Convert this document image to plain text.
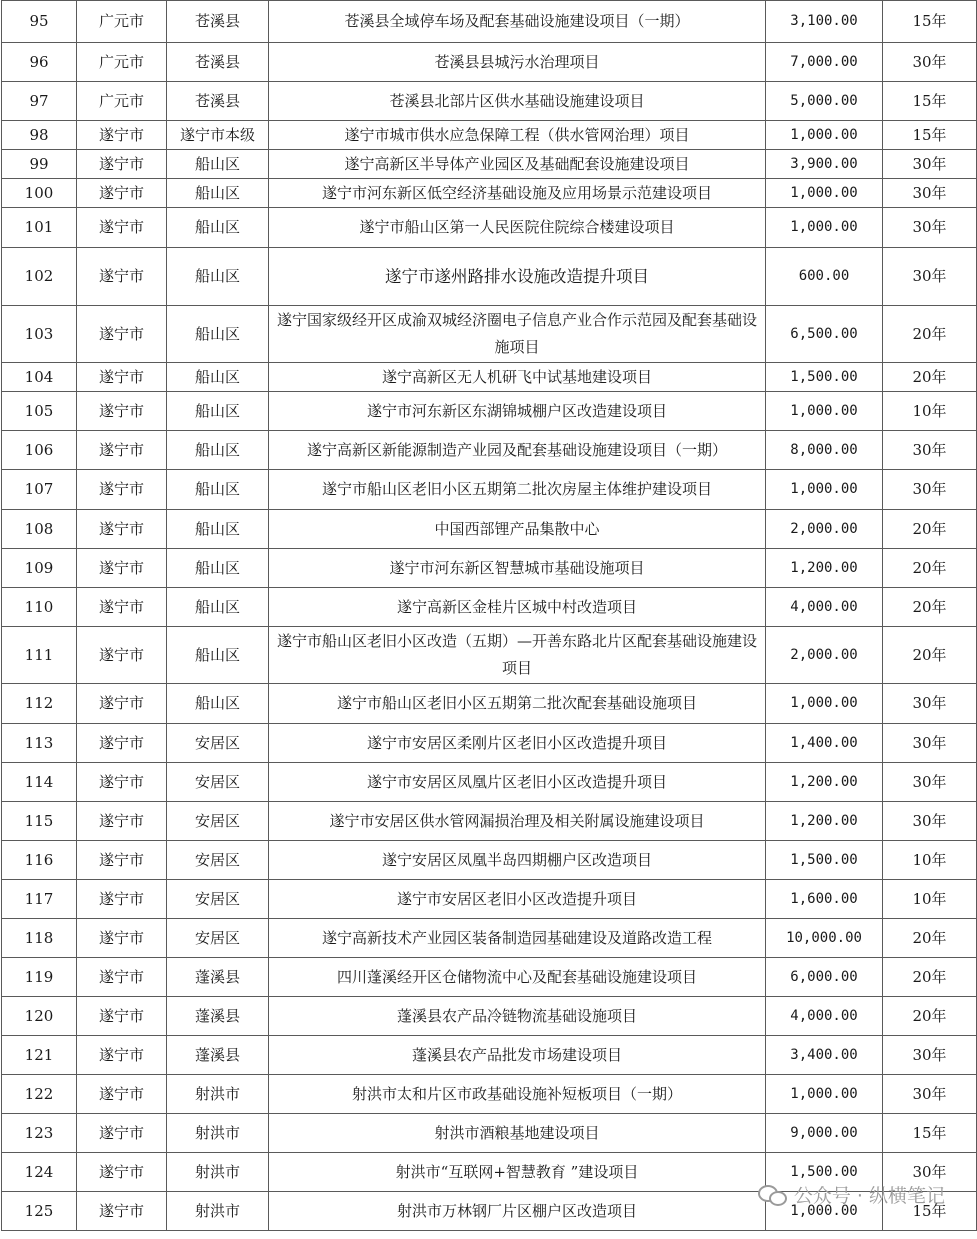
95	广元市	苍溪县	苍溪县全域停车场及配套基础设施建设项目（一期）	3,100.00	15年
96	广元市	苍溪县	苍溪县县城污水治理项目	7,000.00	30年
97	广元市	苍溪县	苍溪县北部片区供水基础设施建设项目	5,000.00	15年
98	遂宁市	遂宁市本级	遂宁市城市供水应急保障工程（供水管网治理）项目	1,000.00	15年
99	遂宁市	船山区	遂宁高新区半导体产业园区及基础配套设施建设项目	3,900.00	30年
100	遂宁市	船山区	遂宁市河东新区低空经济基础设施及应用场景示范建设项目	1,000.00	30年
101	遂宁市	船山区	遂宁市船山区第一人民医院住院综合楼建设项目	1,000.00	30年
102	遂宁市	船山区	遂宁市遂州路排水设施改造提升项目	600.00	30年
103	遂宁市	船山区	遂宁国家级经开区成渝双城经济圈电子信息产业合作示范园及配套基础设施项目	6,500.00	20年
104	遂宁市	船山区	遂宁高新区无人机研飞中试基地建设项目	1,500.00	20年
105	遂宁市	船山区	遂宁市河东新区东湖锦城棚户区改造建设项目	1,000.00	10年
106	遂宁市	船山区	遂宁高新区新能源制造产业园及配套基础设施建设项目（一期）	8,000.00	30年
107	遂宁市	船山区	遂宁市船山区老旧小区五期第二批次房屋主体维护建设项目	1,000.00	30年
108	遂宁市	船山区	中国西部锂产品集散中心	2,000.00	20年
109	遂宁市	船山区	遂宁市河东新区智慧城市基础设施项目	1,200.00	20年
110	遂宁市	船山区	遂宁高新区金桂片区城中村改造项目	4,000.00	20年
111	遂宁市	船山区	遂宁市船山区老旧小区改造（五期）—开善东路北片区配套基础设施建设项目	2,000.00	20年
112	遂宁市	船山区	遂宁市船山区老旧小区五期第二批次配套基础设施项目	1,000.00	30年
113	遂宁市	安居区	遂宁市安居区柔刚片区老旧小区改造提升项目	1,400.00	30年
114	遂宁市	安居区	遂宁市安居区凤凰片区老旧小区改造提升项目	1,200.00	30年
115	遂宁市	安居区	遂宁市安居区供水管网漏损治理及相关附属设施建设项目	1,200.00	30年
116	遂宁市	安居区	遂宁安居区凤凰半岛四期棚户区改造项目	1,500.00	10年
117	遂宁市	安居区	遂宁市安居区老旧小区改造提升项目	1,600.00	10年
118	遂宁市	安居区	遂宁高新技术产业园区装备制造园基础建设及道路改造工程	10,000.00	20年
119	遂宁市	蓬溪县	四川蓬溪经开区仓储物流中心及配套基础设施建设项目	6,000.00	20年
120	遂宁市	蓬溪县	蓬溪县农产品冷链物流基础设施项目	4,000.00	20年
121	遂宁市	蓬溪县	蓬溪县农产品批发市场建设项目	3,400.00	30年
122	遂宁市	射洪市	射洪市太和片区市政基础设施补短板项目（一期）	1,000.00	30年
123	遂宁市	射洪市	射洪市酒粮基地建设项目	9,000.00	15年
124	遂宁市	射洪市	射洪市“互联网+智慧教育 ”建设项目	1,500.00	30年
125	遂宁市	射洪市	射洪市万林钢厂片区棚户区改造项目	1,000.00	15年
公众号 · 纵横笔记
